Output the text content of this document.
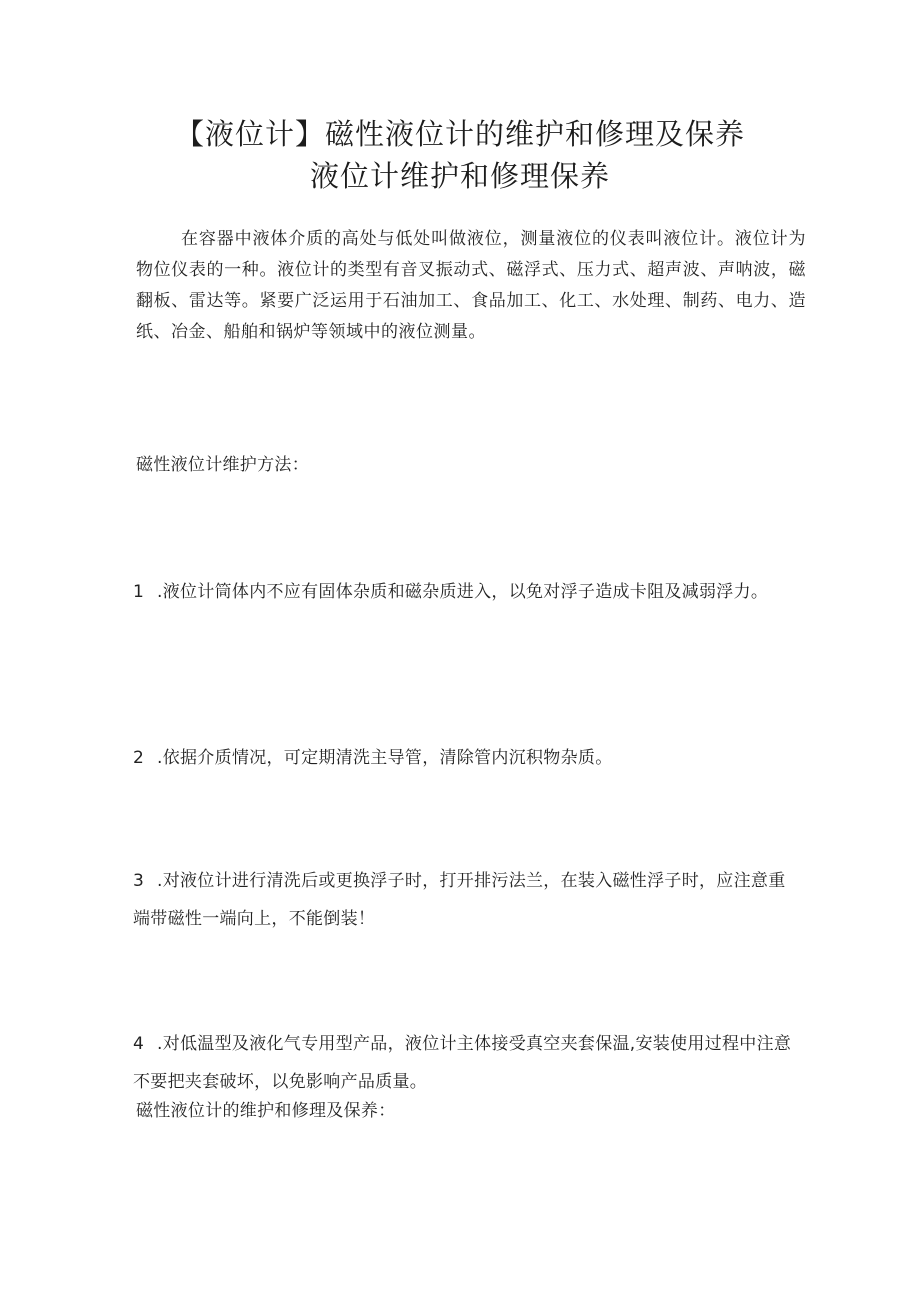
【液位计】磁性液位计的维护和修理及保养
液位计维护和修理保养

在容器中液体介质的高处与低处叫做液位，测量液位的仪表叫液位计。液位计为物位仪表的一种。液位计的类型有音叉振动式、磁浮式、压力式、超声波、声呐波，磁翻板、雷达等。紧要广泛运用于石油加工、食品加工、化工、水处理、制药、电力、造纸、冶金、船舶和锅炉等领域中的液位测量。

磁性液位计维护方法：
1 .液位计筒体内不应有固体杂质和磁杂质进入，以免对浮子造成卡阻及减弱浮力。
2 .依据介质情况，可定期清洗主导管，清除管内沉积物杂质。
3 .对液位计进行清洗后或更换浮子时，打开排污法兰，在装入磁性浮子时，应注意重端带磁性一端向上，不能倒装！
4 .对低温型及液化气专用型产品，液位计主体接受真空夹套保温,安装使用过程中注意不要把夹套破坏，以免影响产品质量。
磁性液位计的维护和修理及保养：
